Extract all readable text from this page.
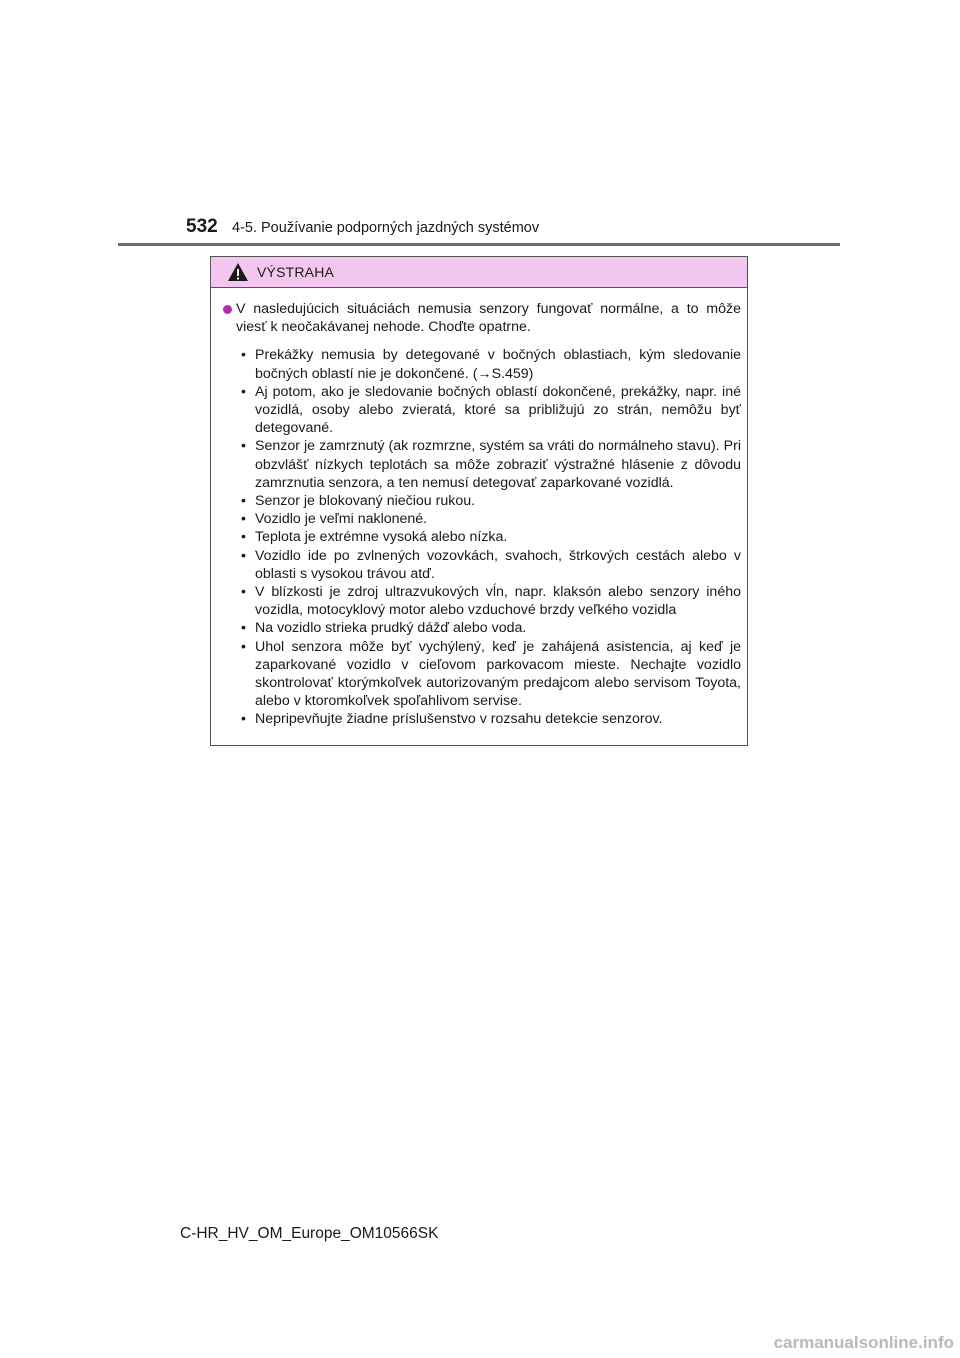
532 4-5. Používanie podporných jazdných systémov
VÝSTRAHA
V nasledujúcich situáciách nemusia senzory fungovať normálne, a to môže viesť k neočakávanej nehode. Choďte opatrne.
• Prekážky nemusia by detegované v bočných oblastiach, kým sledovanie bočných oblastí nie je dokončené. (→S.459)
• Aj potom, ako je sledovanie bočných oblastí dokončené, prekážky, napr. iné vozidlá, osoby alebo zvieratá, ktoré sa približujú zo strán, nemôžu byť detegované.
• Senzor je zamrznutý (ak rozmrzne, systém sa vráti do normálneho stavu). Pri obzvlášť nízkych teplotách sa môže zobraziť výstražné hlásenie z dôvodu zamrznutia senzora, a ten nemusí detegovať zaparkované vozidlá.
• Senzor je blokovaný niečiou rukou.
• Vozidlo je veľmi naklonené.
• Teplota je extrémne vysoká alebo nízka.
• Vozidlo ide po zvlnených vozovkách, svahoch, štrkových cestách alebo v oblasti s vysokou trávou atď.
• V blízkosti je zdroj ultrazvukových vĺn, napr. klaksón alebo senzory iného vozidla, motocyklový motor alebo vzduchové brzdy veľkého vozidla
• Na vozidlo strieka prudký dážď alebo voda.
• Uhol senzora môže byť vychýlený, keď je zahájená asistencia, aj keď je zaparkované vozidlo v cieľovom parkovacom mieste. Nechajte vozidlo skontrolovať ktorýmkoľvek autorizovaným predajcom alebo servisom Toyota, alebo v ktoromkoľvek spoľahlivom servise.
• Nepripevňujte žiadne príslušenstvo v rozsahu detekcie senzorov.
C-HR_HV_OM_Europe_OM10566SK
carmanualsonline.info
